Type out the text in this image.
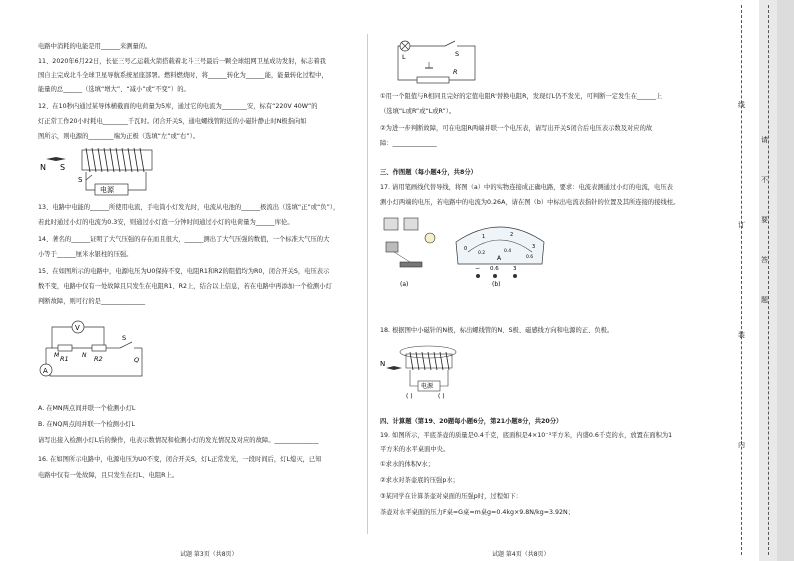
电路中消耗的电能是用______来测量的。
11、2020年6月22日，长征三号乙运载火箭搭载着北斗三号最后一颗全球组网卫星成功发射，标志着我
国自主完成北斗全球卫星导航系统星座部署。燃料燃烧时，将______转化为______能，能量转化过程中，
能量的总______（选填“增大”、“减小”或“不变”）的。
12、在10秒内通过某导体横截面的电荷量为5库，通过它的电流为________安，标有“220V 40W”的
灯正常工作20小时耗电________千瓦时。闭合开关S，通电螺线管附近的小磁针静止时N极指向如
图所示，则电源的________端为正极（选填“左”或“右”）。
N S
电源
S
13、电路中电能的______所使用电流，手电筒小灯发光时，电流从电池的______极流出（选填“正”或“负”），
若此时通过小灯的电流为0.3安，则通过小灯泡一分钟时间通过小灯的电荷量为______库伦。
14、著名的______证明了大气压强的存在而且很大，______测出了大气压强的数值，一个标准大气压的大
小等于______厘米水银柱的压强。
15、在如图所示的电路中，电源电压为U0保持不变，电阻R1和R2的阻值均为R0，闭合开关S，电压表示
数不变，电路中仅有一处故障且只发生在电阻R1、R2上，结合以上信息，若在电路中再添加一个检测小灯
判断故障，则可行的是______________
V
A
R1	R2
S
M	N
Q
A. 在MN两点间并联一个检测小灯L
B. 在NQ两点间并联一个检测小灯L
请写出接入检测小灯L后的操作，电表示数情况和检测小灯的发光情况及对应的故障。______________
16. 在如图所示电路中，电源电压为U0不变，闭合开关S，灯L正常发光，一段时间后，灯L熄灭，已知
电路中仅有一处故障，且只发生在灯L、电阻R上。
试题 第3页（共8页）
L	S
R
①用一个阻值与R相同且完好的定值电阻R'替换电阻R，发现灯L仍不发光，可判断一定发生在______上
（选填“L或R”或“L或R”）。
②为进一步判断故障，可在电阻R两端并联一个电压表，请写出开关S闭合后电压表示数及对应的故
障：______________
三、作图题（每小题4分，共8分）
17. 请用笔画线代替导线，将图（a）中的实物连接成正确电路，要求：电流表测通过小灯的电流，电压表
测小灯两端的电压，若电路中的电流为0.26A，请在图（b）中标出电流表指针的位置及其所连接的接线柱。
(a)
0
1	2
3
0.2	0.4
0.6
A
− 0.6	3
(b)
18. 根据图中小磁针的N极，标出螺线管的N、S极、磁感线方向和电源的正、负极。
N
电源
( )	( )
四、计算题（第19、20题每小题6分，第21小题8分，共20分）
19. 如图所示，平底茶壶的质量是0.4千克，底面积是4×10⁻³平方米，内盛0.6千克的水，放置在面积为1
平方米的水平桌面中央。
①求水的体积V水；
②求水对茶壶底的压强p水；
③某同学在计算茶壶对桌面的压强p时，过程如下：
茶壶对水平桌面的压力F桌=G桌=m桌g=0.4kg×9.8N/kg=3.92N；
试题 第4页（共8页）
线
订
装
内
请
不
要
答
题
